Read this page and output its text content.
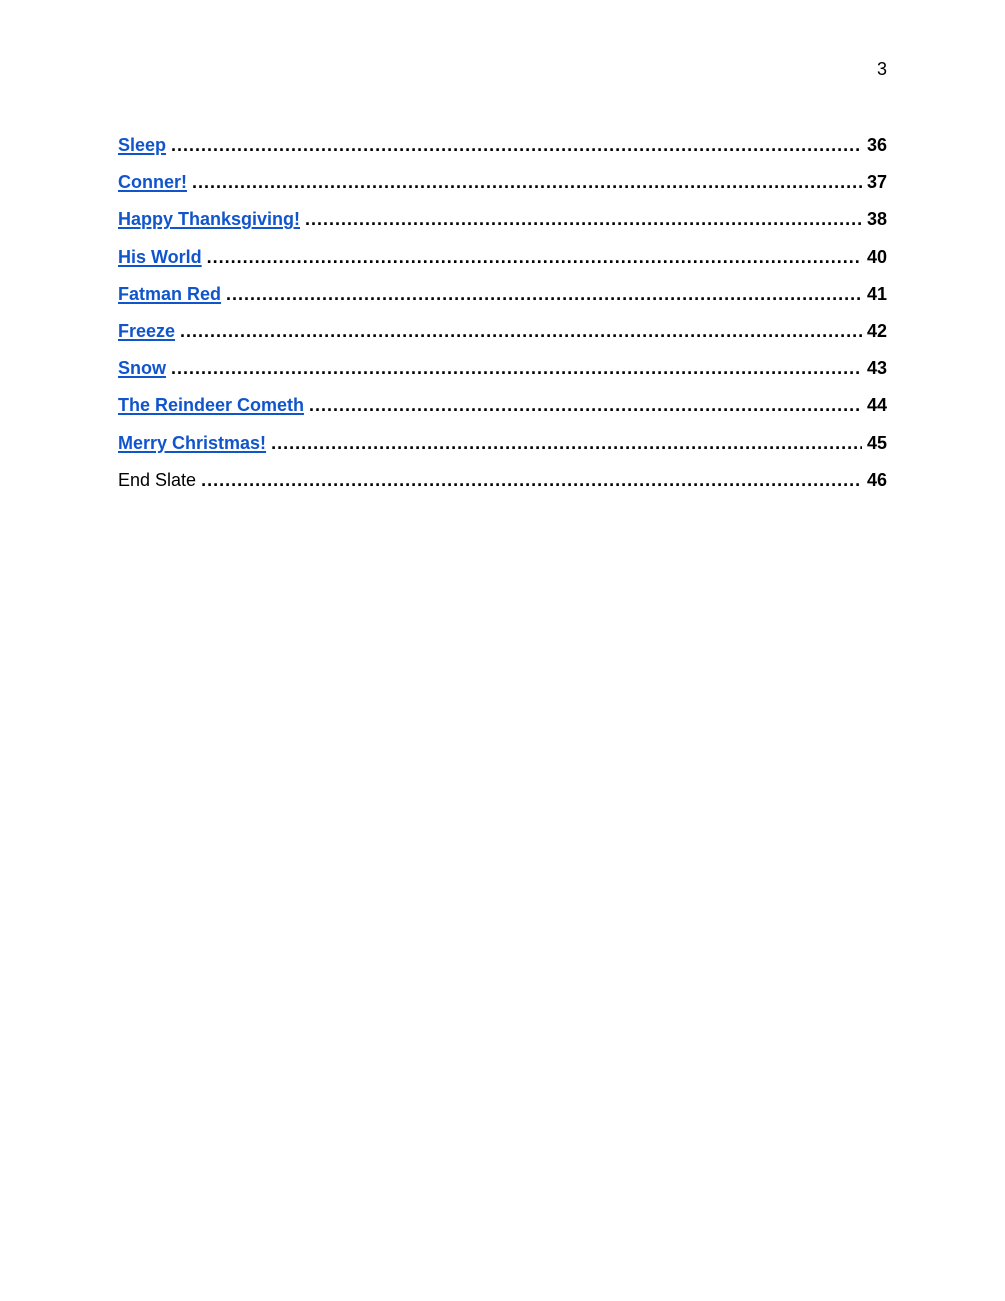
3
Sleep .....	36
Conner! .....	37
Happy Thanksgiving! .....	38
His World .....	40
Fatman Red .....	41
Freeze .....	42
Snow .....	43
The Reindeer Cometh .....	44
Merry Christmas! .....	45
End Slate .....	46
